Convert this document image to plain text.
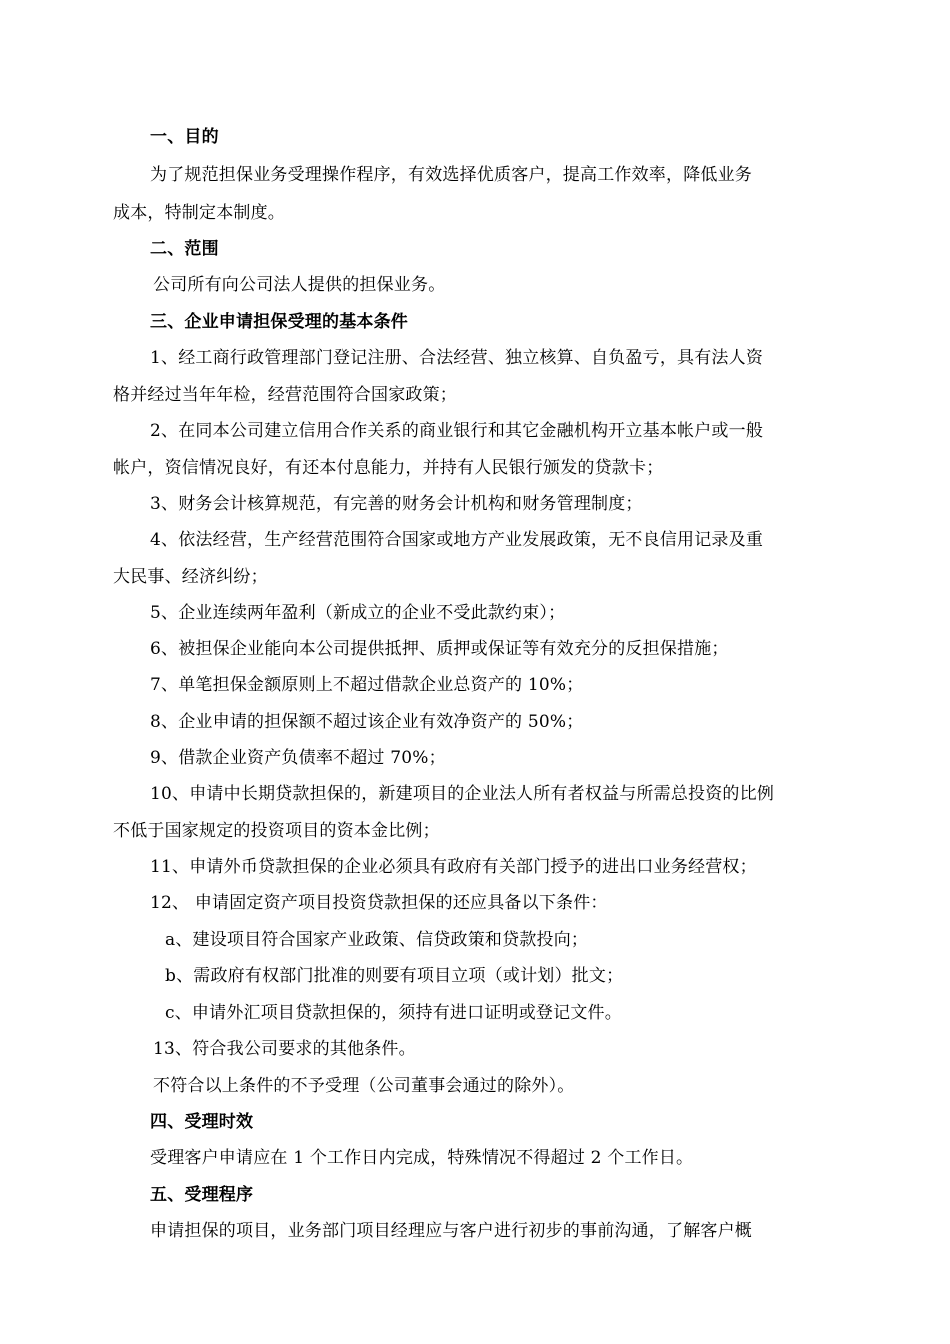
一、目的
为了规范担保业务受理操作程序，有效选择优质客户，提高工作效率，降低业务
成本，特制定本制度。
二、范围
公司所有向公司法人提供的担保业务。
三、企业申请担保受理的基本条件
1、经工商行政管理部门登记注册、合法经营、独立核算、自负盈亏，具有法人资
格并经过当年年检，经营范围符合国家政策；
2、在同本公司建立信用合作关系的商业银行和其它金融机构开立基本帐户或一般
帐户，资信情况良好，有还本付息能力，并持有人民银行颁发的贷款卡；
3、财务会计核算规范，有完善的财务会计机构和财务管理制度；
4、依法经营，生产经营范围符合国家或地方产业发展政策，无不良信用记录及重
大民事、经济纠纷；
5、企业连续两年盈利（新成立的企业不受此款约束）；
6、被担保企业能向本公司提供抵押、质押或保证等有效充分的反担保措施；
7、单笔担保金额原则上不超过借款企业总资产的 10%；
8、企业申请的担保额不超过该企业有效净资产的 50%；
9、借款企业资产负债率不超过 70%；
10、申请中长期贷款担保的，新建项目的企业法人所有者权益与所需总投资的比例
不低于国家规定的投资项目的资本金比例；
11、申请外币贷款担保的企业必须具有政府有关部门授予的进出口业务经营权；
12、 申请固定资产项目投资贷款担保的还应具备以下条件：
a、建设项目符合国家产业政策、信贷政策和贷款投向；
b、需政府有权部门批准的则要有项目立项（或计划）批文；
c、申请外汇项目贷款担保的，须持有进口证明或登记文件。
13、符合我公司要求的其他条件。
不符合以上条件的不予受理（公司董事会通过的除外）。
四、受理时效
受理客户申请应在 1 个工作日内完成，特殊情况不得超过 2 个工作日。
五、受理程序
申请担保的项目，业务部门项目经理应与客户进行初步的事前沟通，了解客户概
